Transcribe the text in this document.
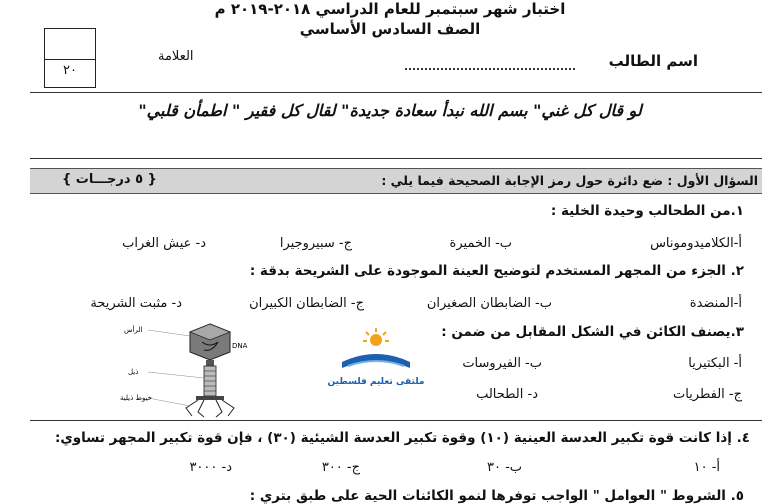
اختبار شهر سبتمبر للعام الدراسي ٢٠١٨-٢٠١٩ م
الصف السادس الأساسي
اسم الطالب
العلامة
٢٠
لو قال كل غني" بسم الله نبدأ سعادة جديدة" لقال كل فقير " اطمأن قلبي"
السؤال الأول : ضع دائرة حول رمز الإجابة الصحيحة فيما يلي :
{ ٥ درجـــات }
١.من الطحالب وحيدة الخلية :
أ-الكلاميدوموناس
ب- الخميرة
ج- سبيروجيرا
د- عيش الغراب
٢. الجزء من المجهر المستخدم لتوضيح العينة الموجودة على الشريحة بدقة :
أ-المنضدة
ب- الضابطان الصغيران
ج- الضابطان الكبيران
د- مثبت الشريحة
٣.يصنف الكائن في الشكل المقابل من ضمن :
أ- البكتيريا
ب- الفيروسات
ج- الفطريات
د- الطحالب
ملتقى تعليم فلسطين
الرأس
DNA
ذيل
خيوط ذيلية
٤. إذا كانت قوة تكبير العدسة العينية (١٠) وقوة تكبير العدسة الشيئية (٣٠) ، فإن قوة تكبير المجهر تساوي:
أ- ١٠
ب- ٣٠
ج- ٣٠٠
د- ٣٠٠٠
٥. الشروط " العوامل " الواجب توفرها لنمو الكائنات الحية على طبق بتري :
